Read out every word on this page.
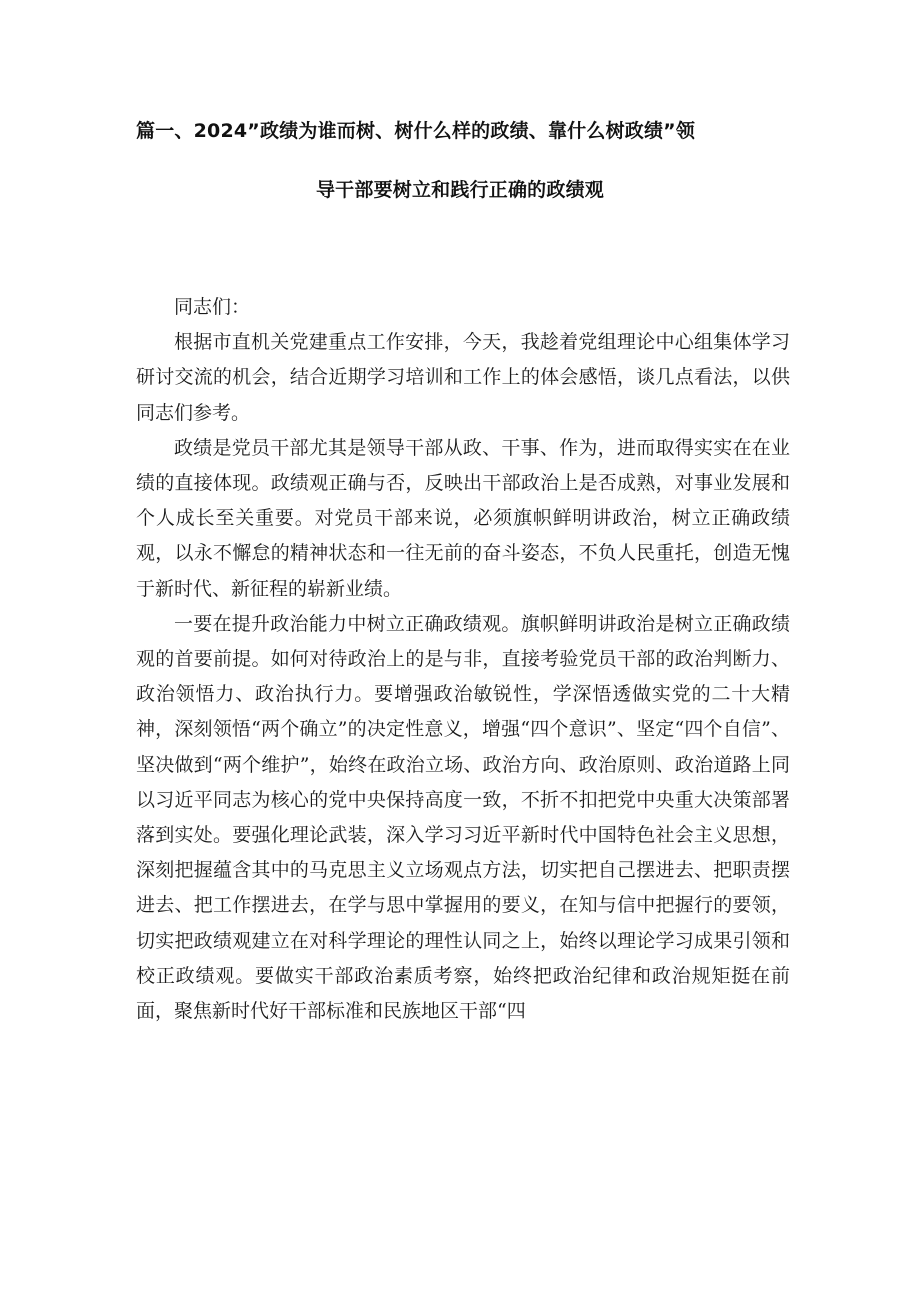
篇一、2024”政绩为谁而树、树什么样的政绩、靠什么树政绩”领
导干部要树立和践行正确的政绩观

同志们：

根据市直机关党建重点工作安排，今天，我趁着党组理论中心组集体学习研讨交流的机会，结合近期学习培训和工作上的体会感悟，谈几点看法，以供同志们参考。

政绩是党员干部尤其是领导干部从政、干事、作为，进而取得实实在在业绩的直接体现。政绩观正确与否，反映出干部政治上是否成熟，对事业发展和个人成长至关重要。对党员干部来说，必须旗帜鲜明讲政治，树立正确政绩观，以永不懈怠的精神状态和一往无前的奋斗姿态，不负人民重托，创造无愧于新时代、新征程的崭新业绩。

一要在提升政治能力中树立正确政绩观。旗帜鲜明讲政治是树立正确政绩观的首要前提。如何对待政治上的是与非，直接考验党员干部的政治判断力、政治领悟力、政治执行力。要增强政治敏锐性，学深悟透做实党的二十大精神，深刻领悟“两个确立”的决定性意义，增强“四个意识”、坚定“四个自信”、坚决做到“两个维护”，始终在政治立场、政治方向、政治原则、政治道路上同以习近平同志为核心的党中央保持高度一致，不折不扣把党中央重大决策部署落到实处。要强化理论武装，深入学习习近平新时代中国特色社会主义思想，深刻把握蕴含其中的马克思主义立场观点方法，切实把自己摆进去、把职责摆进去、把工作摆进去，在学与思中掌握用的要义，在知与信中把握行的要领，切实把政绩观建立在对科学理论的理性认同之上，始终以理论学习成果引领和校正政绩观。要做实干部政治素质考察，始终把政治纪律和政治规矩挺在前面，聚焦新时代好干部标准和民族地区干部“四
